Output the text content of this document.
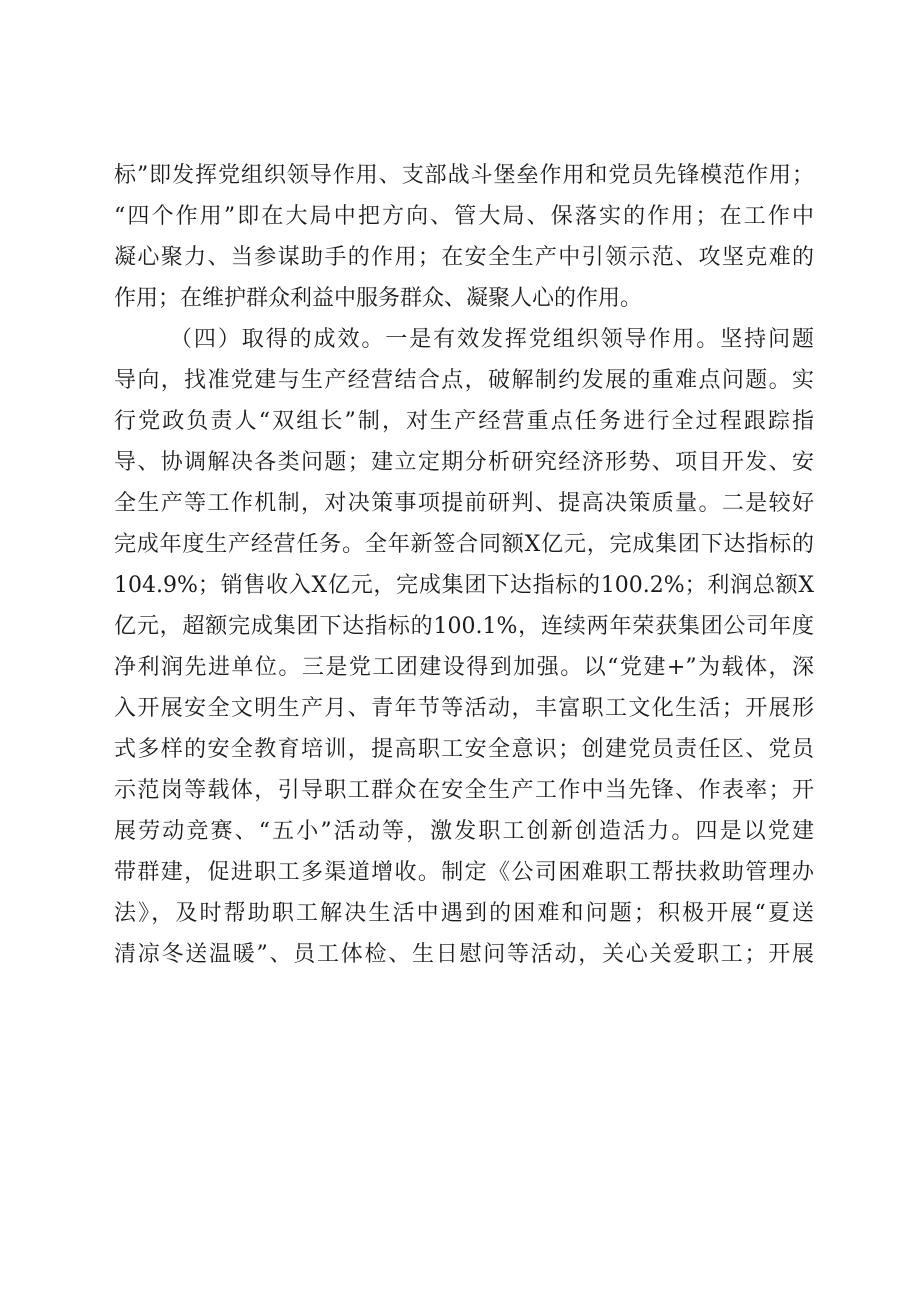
标”即发挥党组织领导作用、支部战斗堡垒作用和党员先锋模范作用；
“四个作用”即在大局中把方向、管大局、保落实的作用；在工作中
凝心聚力、当参谋助手的作用；在安全生产中引领示范、攻坚克难的
作用；在维护群众利益中服务群众、凝聚人心的作用。
（四）取得的成效。一是有效发挥党组织领导作用。坚持问题
导向，找准党建与生产经营结合点，破解制约发展的重难点问题。实
行党政负责人“双组长”制，对生产经营重点任务进行全过程跟踪指
导、协调解决各类问题；建立定期分析研究经济形势、项目开发、安
全生产等工作机制，对决策事项提前研判、提高决策质量。二是较好
完成年度生产经营任务。全年新签合同额X亿元，完成集团下达指标的
104.9%；销售收入X亿元，完成集团下达指标的100.2%；利润总额X
亿元，超额完成集团下达指标的100.1%，连续两年荣获集团公司年度
净利润先进单位。三是党工团建设得到加强。以“党建+”为载体，深
入开展安全文明生产月、青年节等活动，丰富职工文化生活；开展形
式多样的安全教育培训，提高职工安全意识；创建党员责任区、党员
示范岗等载体，引导职工群众在安全生产工作中当先锋、作表率；开
展劳动竞赛、“五小”活动等，激发职工创新创造活力。四是以党建
带群建，促进职工多渠道增收。制定《公司困难职工帮扶救助管理办
法》，及时帮助职工解决生活中遇到的困难和问题；积极开展“夏送
清凉冬送温暖”、员工体检、生日慰问等活动，关心关爱职工；开展
